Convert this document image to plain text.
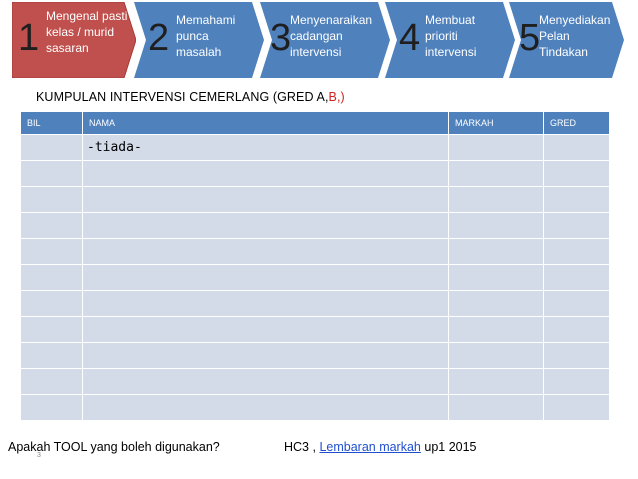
1
Mengenal pasti kelas / murid sasaran	2 Memahami punca masalah	3
Menyenaraikan cadangan intervensi	4 Membuat prioriti intervensi	5
Menyediakan Pelan Tindakan
KUMPULAN INTERVENSI CEMERLANG (GRED A,B,)
BIL	NAMA	MARKAH	GRED
	-tiada-		

Apakah TOOL yang boleh digunakan?
3
HC3 , Lembaran markah up1 2015
